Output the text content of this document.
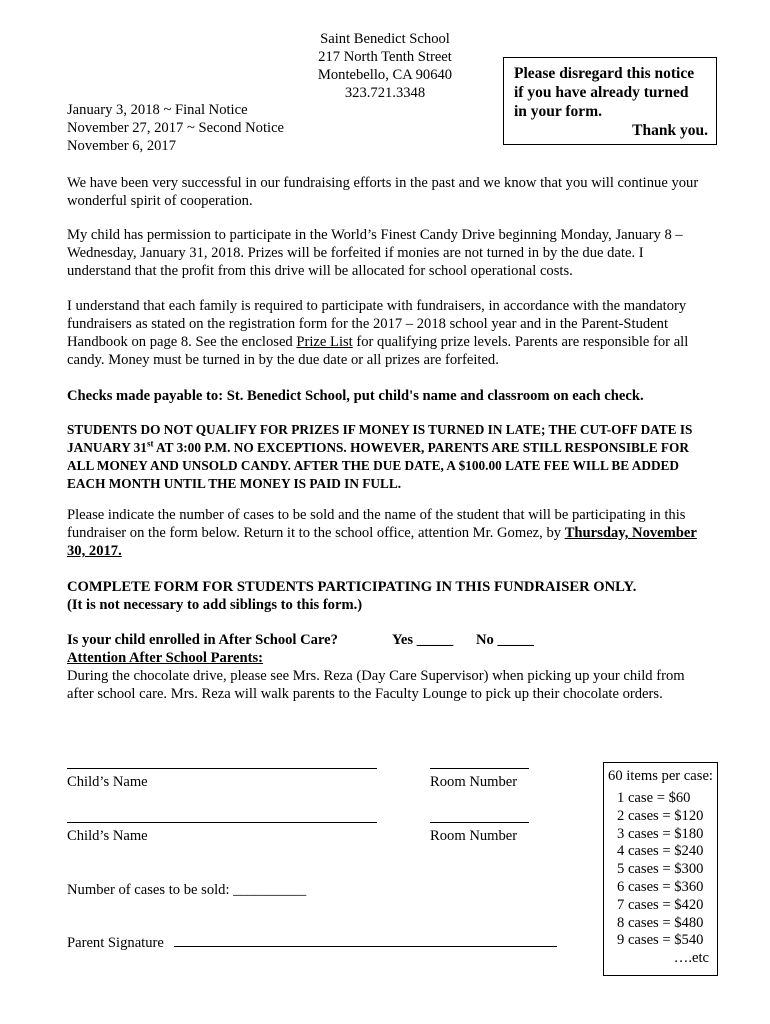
Saint Benedict School
217 North Tenth Street
Montebello, CA 90640
323.721.3348
Please disregard this notice
if you have already turned
in your form.
Thank you.
January 3, 2018 ~ Final Notice
November 27, 2017 ~ Second Notice
November 6, 2017
We have been very successful in our fundraising efforts in the past and we know that you will continue your wonderful spirit of cooperation.
My child has permission to participate in the World’s Finest Candy Drive beginning Monday, January 8 – Wednesday, January 31, 2018. Prizes will be forfeited if monies are not turned in by the due date. I understand that the profit from this drive will be allocated for school operational costs.
I understand that each family is required to participate with fundraisers, in accordance with the mandatory fundraisers as stated on the registration form for the 2017 – 2018 school year and in the Parent-Student Handbook on page 8. See the enclosed Prize List for qualifying prize levels. Parents are responsible for all candy. Money must be turned in by the due date or all prizes are forfeited.
Checks made payable to: St. Benedict School, put child's name and classroom on each check.
STUDENTS DO NOT QUALIFY FOR PRIZES IF MONEY IS TURNED IN LATE; THE CUT-OFF DATE IS JANUARY 31st AT 3:00 P.M. NO EXCEPTIONS. HOWEVER, PARENTS ARE STILL RESPONSIBLE FOR ALL MONEY AND UNSOLD CANDY. AFTER THE DUE DATE, A $100.00 LATE FEE WILL BE ADDED EACH MONTH UNTIL THE MONEY IS PAID IN FULL.
Please indicate the number of cases to be sold and the name of the student that will be participating in this fundraiser on the form below. Return it to the school office, attention Mr. Gomez, by Thursday, November 30, 2017.
COMPLETE FORM FOR STUDENTS PARTICIPATING IN THIS FUNDRAISER ONLY.
(It is not necessary to add siblings to this form.)
Is your child enrolled in After School Care?	Yes _____ No _____
Attention After School Parents:
During the chocolate drive, please see Mrs. Reza (Day Care Supervisor) when picking up your child from after school care. Mrs. Reza will walk parents to the Faculty Lounge to pick up their chocolate orders.
Child’s Name	Room Number
Child’s Name	Room Number
Number of cases to be sold: __________
Parent Signature
60 items per case:
1 case = $60
2 cases = $120
3 cases = $180
4 cases = $240
5 cases = $300
6 cases = $360
7 cases = $420
8 cases = $480
9 cases = $540
….etc
